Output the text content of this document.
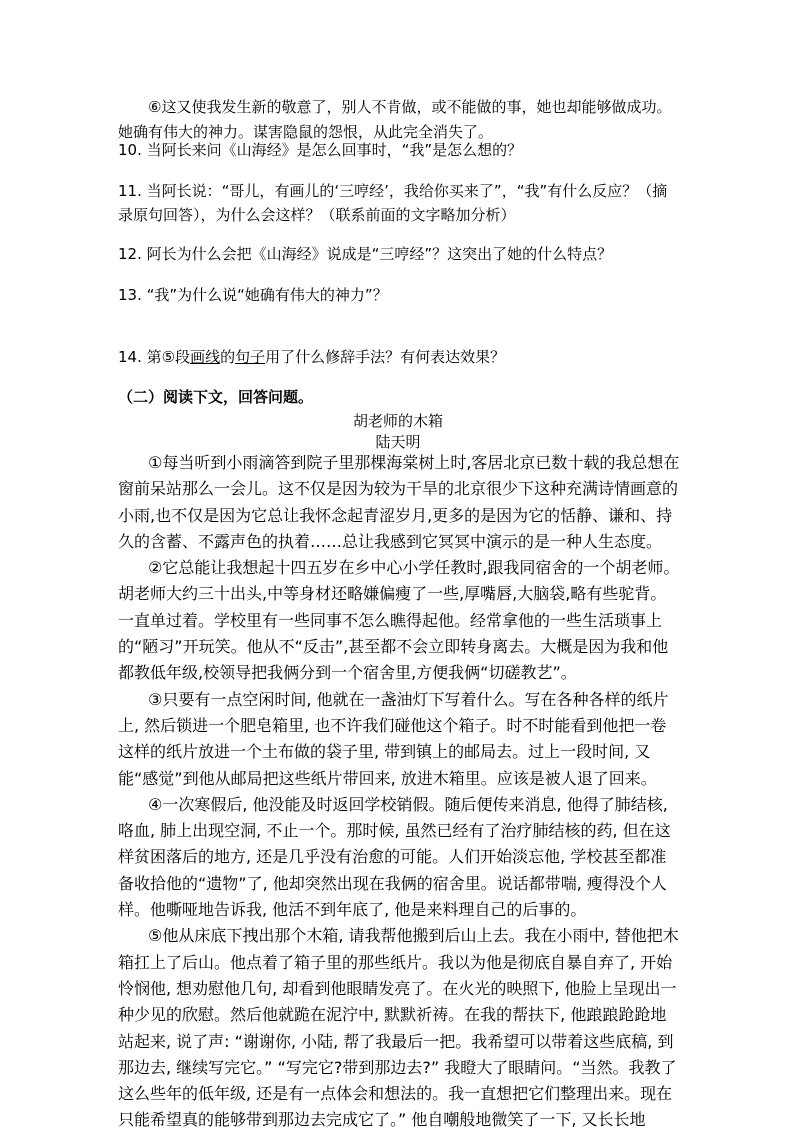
⑥这又使我发生新的敬意了，别人不肯做，或不能做的事，她也却能够做成功。她确有伟大的神力。谋害隐鼠的怨恨，从此完全消失了。

10. 当阿长来问《山海经》是怎么回事时，“我”是怎么想的？

11. 当阿长说：“哥儿，有画儿的‘三哼经’，我给你买来了”，“我”有什么反应？（摘录原句回答），为什么会这样？（联系前面的文字略加分析）

12. 阿长为什么会把《山海经》说成是“三哼经”？这突出了她的什么特点？

13. “我”为什么说“她确有伟大的神力”？

14. 第⑤段画线的句子用了什么修辞手法？有何表达效果？

（二）阅读下文，回答问题。

胡老师的木箱

陆天明

①每当听到小雨滴答到院子里那棵海棠树上时,客居北京已数十载的我总想在窗前呆站那么一会儿。这不仅是因为较为干旱的北京很少下这种充满诗情画意的小雨,也不仅是因为它总让我怀念起青涩岁月,更多的是因为它的恬静、谦和、持久的含蓄、不露声色的执着……总让我感到它冥冥中演示的是一种人生态度。

②它总能让我想起十四五岁在乡中心小学任教时,跟我同宿舍的一个胡老师。胡老师大约三十出头,中等身材还略嫌偏瘦了一些,厚嘴唇,大脑袋,略有些驼背。一直单过着。学校里有一些同事不怎么瞧得起他。经常拿他的一些生活琐事上的“陋习”开玩笑。他从不“反击”,甚至都不会立即转身离去。大概是因为我和他都教低年级,校领导把我俩分到一个宿舍里,方便我俩“切磋教艺”。

③只要有一点空闲时间, 他就在一盏油灯下写着什么。写在各种各样的纸片上, 然后锁进一个肥皂箱里, 也不许我们碰他这个箱子。时不时能看到他把一卷这样的纸片放进一个土布做的袋子里, 带到镇上的邮局去。过上一段时间, 又能“感觉”到他从邮局把这些纸片带回来, 放进木箱里。应该是被人退了回来。

④一次寒假后, 他没能及时返回学校销假。随后便传来消息, 他得了肺结核, 咯血, 肺上出现空洞, 不止一个。那时候, 虽然已经有了治疗肺结核的药, 但在这样贫困落后的地方, 还是几乎没有治愈的可能。人们开始淡忘他, 学校甚至都准备收拾他的“遗物”了, 他却突然出现在我俩的宿舍里。说话都带喘, 瘦得没个人样。他嘶哑地告诉我, 他活不到年底了, 他是来料理自己的后事的。

⑤他从床底下拽出那个木箱, 请我帮他搬到后山上去。我在小雨中, 替他把木箱扛上了后山。他点着了箱子里的那些纸片。我以为他是彻底自暴自弃了, 开始怜悯他, 想劝慰他几句, 却看到他眼睛发亮了。在火光的映照下, 他脸上呈现出一种少见的欣慰。然后他就跪在泥泞中, 默默祈祷。在我的帮扶下, 他踉踉跄跄地站起来, 说了声: “谢谢你, 小陆, 帮了我最后一把。我希望可以带着这些底稿, 到那边去, 继续写完它。” “写完它?带到那边去?” 我瞪大了眼睛问。“当然。我教了这么些年的低年级, 还是有一点体会和想法的。我一直想把它们整理出来。现在只能希望真的能够带到那边去完成它了。” 他自嘲般地微笑了一下, 又长长地
